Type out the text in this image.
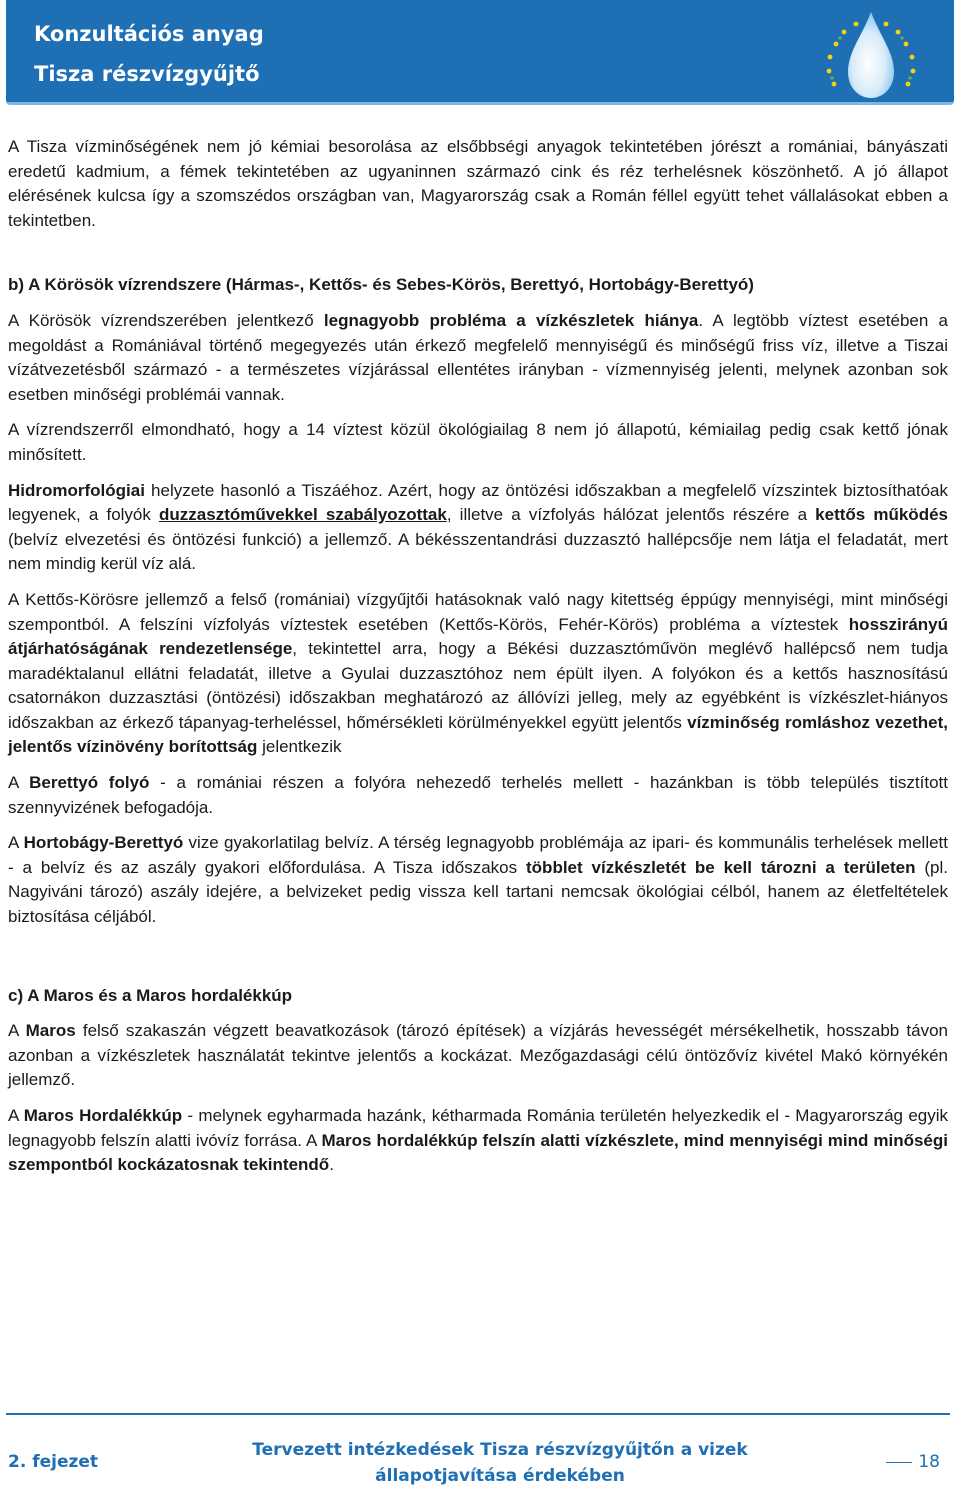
Konzultációs anyag
Tisza részvízgyűjtő

A Tisza vízminőségének nem jó kémiai besorolása az elsőbbségi anyagok tekintetében jórészt a romániai, bányászati eredetű kadmium, a fémek tekintetében az ugyaninnen származó cink és réz terhelésnek köszönhető. A jó állapot elérésének kulcsa így a szomszédos országban van, Magyarország csak a Román féllel együtt tehet vállalásokat ebben a tekintetben.

b) A Körösök vízrendszere (Hármas-, Kettős- és Sebes-Körös, Berettyó, Hortobágy-Berettyó)

A Körösök vízrendszerében jelentkező legnagyobb probléma a vízkészletek hiánya. A legtöbb víztest esetében a megoldást a Romániával történő megegyezés után érkező megfelelő mennyiségű és minőségű friss víz, illetve a Tiszai vízátvezetésből származó - a természetes vízjárással ellentétes irányban - vízmennyiség jelenti, melynek azonban sok esetben minőségi problémái vannak.

A vízrendszerről elmondható, hogy a 14 víztest közül ökológiailag 8 nem jó állapotú, kémiailag pedig csak kettő jónak minősített.

Hidromorfológiai helyzete hasonló a Tiszáéhoz. Azért, hogy az öntözési időszakban a megfelelő vízszintek biztosíthatóak legyenek, a folyók duzzasztóművekkel szabályozottak, illetve a vízfolyás hálózat jelentős részére a kettős működés (belvíz elvezetési és öntözési funkció) a jellemző. A békésszentandrási duzzasztó hallépcsője nem látja el feladatát, mert nem mindig kerül víz alá.

A Kettős-Körösre jellemző a felső (romániai) vízgyűjtői hatásoknak való nagy kitettség éppúgy mennyiségi, mint minőségi szempontból. A felszíni vízfolyás víztestek esetében (Kettős-Körös, Fehér-Körös) probléma a víztestek hosszirányú átjárhatóságának rendezetlensége, tekintettel arra, hogy a Békési duzzasztóművön meglévő hallépcső nem tudja maradéktalanul ellátni feladatát, illetve a Gyulai duzzasztóhoz nem épült ilyen. A folyókon és a kettős hasznosítású csatornákon duzzasztási (öntözési) időszakban meghatározó az állóvízi jelleg, mely az egyébként is vízkészlet-hiányos időszakban az érkező tápanyag-terheléssel, hőmérsékleti körülményekkel együtt jelentős vízminőség romláshoz vezethet, jelentős vízinövény borítottság jelentkezik

A Berettyó folyó - a romániai részen a folyóra nehezedő terhelés mellett - hazánkban is több település tisztított szennyvizének befogadója.

A Hortobágy-Berettyó vize gyakorlatilag belvíz. A térség legnagyobb problémája az ipari- és kommunális terhelések mellett - a belvíz és az aszály gyakori előfordulása. A Tisza időszakos többlet vízkészletét be kell tározni a területen (pl. Nagyiváni tározó) aszály idejére, a belvizeket pedig vissza kell tartani nemcsak ökológiai célból, hanem az életfeltételek biztosítása céljából.

c) A Maros és a Maros hordalékkúp

A Maros felső szakaszán végzett beavatkozások (tározó építések) a vízjárás hevességét mérsékelhetik, hosszabb távon azonban a vízkészletek használatát tekintve jelentős a kockázat. Mezőgazdasági célú öntözővíz kivétel Makó környékén jellemző.

A Maros Hordalékkúp - melynek egyharmada hazánk, kétharmada Románia területén helyezkedik el - Magyarország egyik legnagyobb felszín alatti ivóvíz forrása. A Maros hordalékkúp felszín alatti vízkészlete, mind mennyiségi mind minőségi szempontból kockázatosnak tekintendő.

2. fejezet
Tervezett intézkedések Tisza részvízgyűjtőn a vizek
állapotjavítása érdekében
18
